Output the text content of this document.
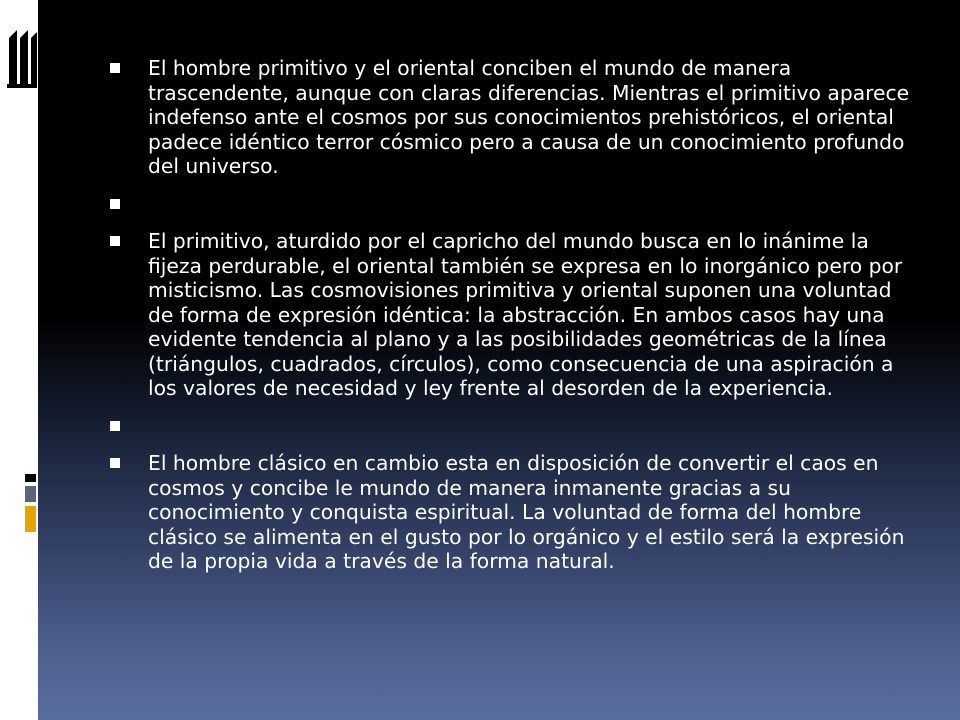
El hombre primitivo y el oriental conciben el mundo de manera trascendente, aunque con claras diferencias. Mientras el primitivo aparece indefenso ante el cosmos por sus conocimientos prehistóricos, el oriental padece idéntico terror cósmico pero a causa de un conocimiento profundo del universo.
El primitivo, aturdido por el capricho del mundo busca en lo inánime la fijeza perdurable, el oriental también se expresa en lo inorgánico pero por misticismo. Las cosmovisiones primitiva y oriental suponen una voluntad de forma de expresión idéntica: la abstracción. En ambos casos hay una evidente tendencia al plano y a las posibilidades geométricas de la línea (triángulos, cuadrados, círculos), como consecuencia de una aspiración a los valores de necesidad y ley frente al desorden de la experiencia.
El hombre clásico en cambio esta en disposición de convertir el caos en cosmos y concibe le mundo de manera inmanente gracias a su conocimiento y conquista espiritual. La voluntad de forma del hombre clásico se alimenta en el gusto por lo orgánico y el estilo será la expresión de la propia vida a través de la forma natural.
